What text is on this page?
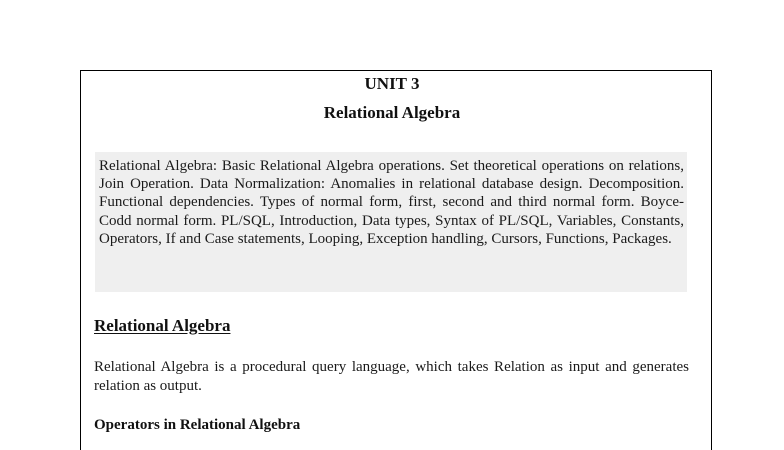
UNIT 3
Relational Algebra

Relational Algebra: Basic Relational Algebra operations. Set theoretical operations on relations, Join Operation. Data Normalization: Anomalies in relational database design. Decomposition. Functional dependencies. Types of normal form, first, second and third normal form. Boyce-Codd normal form. PL/SQL, Introduction, Data types, Syntax of PL/SQL, Variables, Constants, Operators, If and Case statements, Looping, Exception handling, Cursors, Functions, Packages.

Relational Algebra

Relational Algebra is a procedural query language, which takes Relation as input and generates relation as output.

Operators in Relational Algebra
